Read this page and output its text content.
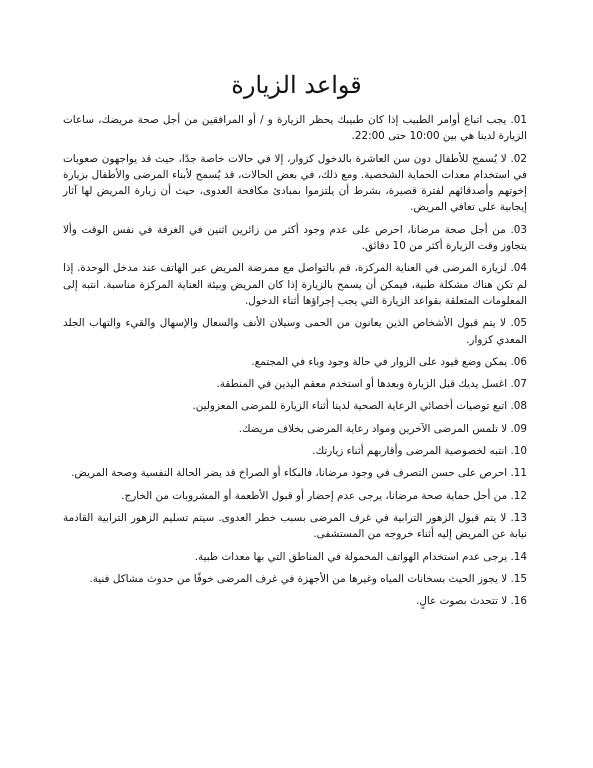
قواعد الزيارة
01. يجب اتباع أوامر الطبيب إذا كان طبيبك يحظر الزيارة و / أو المرافقين من أجل صحة مريضك، ساعات الزيارة لدينا هي بين 10:00 حتى 22:00.
02. لا يُسمح للأطفال دون سن العاشرة بالدخول كزوار، إلا في حالات خاصة جدًا، حيث قد يواجهون صعوبات في استخدام معدات الحماية الشخصية. ومع ذلك، في بعض الحالات، قد يُسمح لأبناء المرضى والأطفال بزيارة إخوتهم وأصدقائهم لفترة قصيرة، بشرط أن يلتزموا بمبادئ مكافحة العدوى، حيث أن زيارة المريض لها آثار إيجابية على تعافي المريض.
03. من أجل صحة مرضانا، احرص على عدم وجود أكثر من زائرين اثنين في الغرفة في نفس الوقت وألا يتجاوز وقت الزيارة أكثر من 10 دقائق.
04. لزيارة المرضى في العناية المركزة، قم بالتواصل مع ممرضة المريض عبر الهاتف عند مدخل الوحدة. إذا لم تكن هناك مشكلة طبية، فيمكن أن يسمح بالزيارة إذا كان المريض وبيئة العناية المركزة مناسبة. انتبه إلى المعلومات المتعلقة بقواعد الزيارة التي يجب إجراؤها أثناء الدخول.
05. لا يتم قبول الأشخاص الذين يعانون من الحمى وسيلان الأنف والسعال والإسهال والقيء والتهاب الجلد المعدي كزوار.
06. يمكن وضع قيود على الزوار في حالة وجود وباء في المجتمع.
07. اغسل يديك قبل الزيارة وبعدها أو استخدم معقم اليدين في المنطقة.
08. اتبع توصيات أخصائي الرعاية الصحية لدينا أثناء الزيارة للمرضى المعزولين.
09. لا تلمس المرضى الآخرين ومواد رعاية المرضى بخلاف مريضك.
10. انتبه لخصوصية المرضى وأقاربهم أثناء زيارتك.
11. احرص على حسن التصرف في وجود مرضانا، فالبكاء أو الصراخ قد يضر الحالة النفسية وصحة المريض.
12. من أجل حماية صحة مرضانا، يرجى عدم إحضار أو قبول الأطعمة أو المشروبات من الخارج.
13. لا يتم قبول الزهور الترابية في غرف المرضى بسبب خطر العدوى. سيتم تسليم الزهور الترابية القادمة نيابة عن المريض إليه أثناء خروجه من المستشفى.
14. يرجى عدم استخدام الهواتف المحمولة في المناطق التي بها معدات طبية.
15. لا يجوز الحيث بسخانات المياه وغيرها من الأجهزة في غرف المرضى خوفًا من حدوث مشاكل فنية.
16. لا تتحدث بصوت عالٍ.
